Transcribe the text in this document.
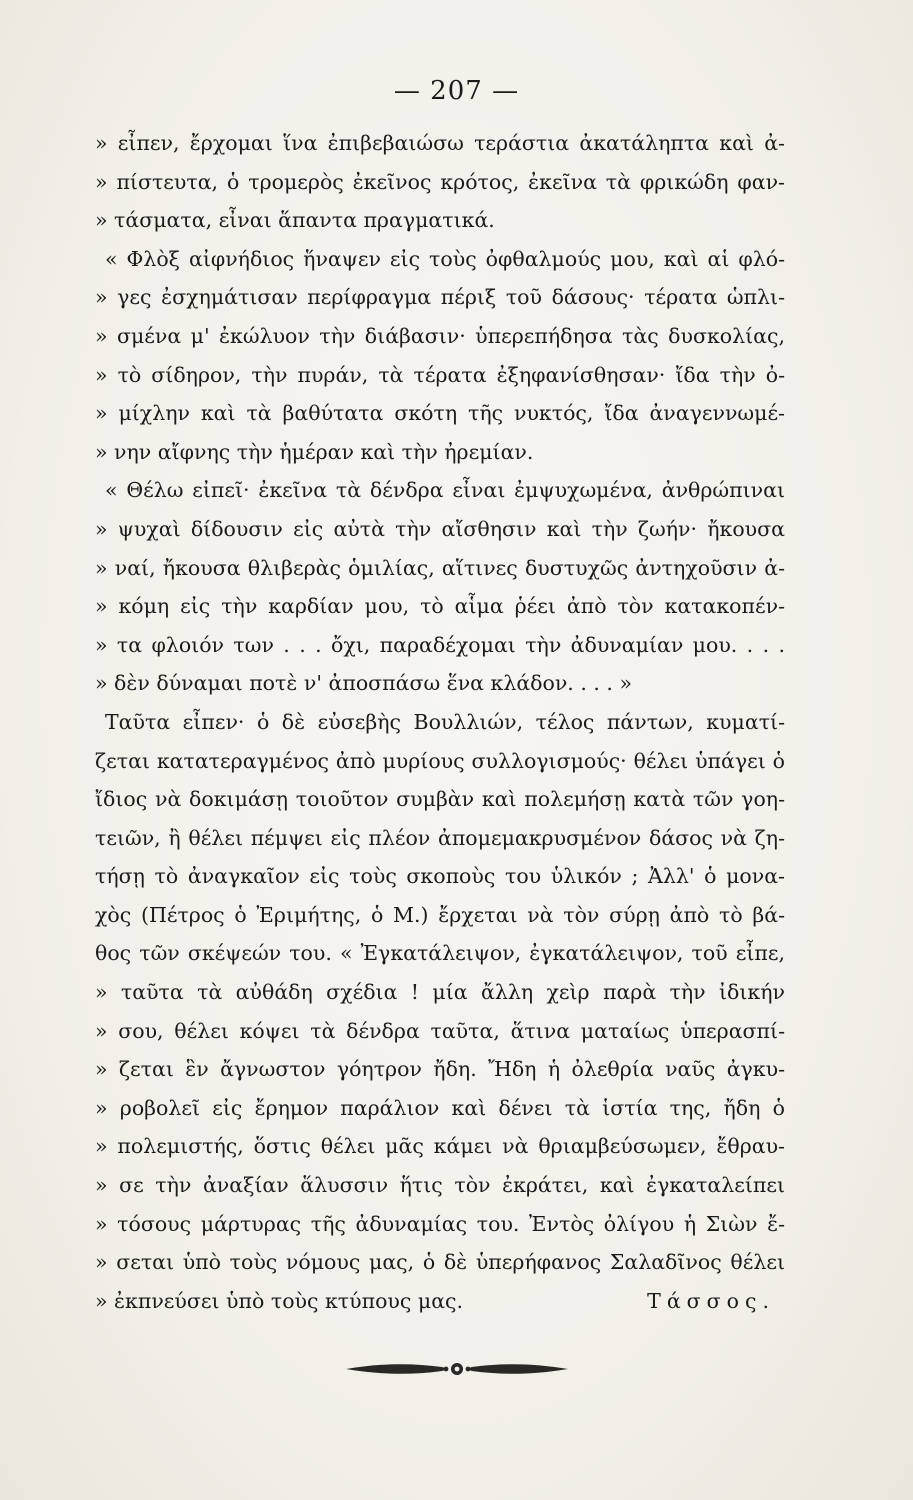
— 207 —
» εἶπεν, ἔρχομαι ἵνα ἐπιβεβαιώσω τεράστια ἀκατάληπτα καὶ ἀ-
» πίστευτα, ὁ τρομερὸς ἐκεῖνος κρότος, ἐκεῖνα τὰ φρικώδη φαν-
» τάσματα, εἶναι ἅπαντα πραγματικά.
« Φλὸξ αἰφνήδιος ἥναψεν εἰς τοὺς ὀφθαλμούς μου, καὶ αἱ φλό-
» γες ἐσχημάτισαν περίφραγμα πέριξ τοῦ δάσους· τέρατα ὡπλι-
» σμένα μ' ἐκώλυον τὴν διάβασιν· ὑπερεπήδησα τὰς δυσκολίας,
» τὸ σίδηρον, τὴν πυράν, τὰ τέρατα ἐξηφανίσθησαν· ἴδα τὴν ὀ-
» μίχλην καὶ τὰ βαθύτατα σκότη τῆς νυκτός, ἴδα ἀναγεννωμέ-
» νην αἴφνης τὴν ἡμέραν καὶ τὴν ἠρεμίαν.
« Θέλω εἰπεῖ· ἐκεῖνα τὰ δένδρα εἶναι ἐμψυχωμένα, ἀνθρώπιναι
» ψυχαὶ δίδουσιν εἰς αὐτὰ τὴν αἴσθησιν καὶ τὴν ζωήν· ἤκουσα
» ναί, ἤκουσα θλιβερὰς ὁμιλίας, αἵτινες δυστυχῶς ἀντηχοῦσιν ἀ-
» κόμη εἰς τὴν καρδίαν μου, τὸ αἷμα ῥέει ἀπὸ τὸν κατακοπέν-
» τα φλοιόν των . . . ὄχι, παραδέχομαι τὴν ἀδυναμίαν μου. . . .
» δὲν δύναμαι ποτὲ ν' ἀποσπάσω ἕνα κλάδον. . . . »
Ταῦτα εἶπεν· ὁ δὲ εὐσεβὴς Βουλλιών, τέλος πάντων, κυματί-
ζεται κατατεραγμένος ἀπὸ μυρίους συλλογισμούς· θέλει ὑπάγει ὁ
ἴδιος νὰ δοκιμάσῃ τοιοῦτον συμβὰν καὶ πολεμήσῃ κατὰ τῶν γοη-
τειῶν, ἢ θέλει πέμψει εἰς πλέον ἀπομεμακρυσμένον δάσος νὰ ζη-
τήσῃ τὸ ἀναγκαῖον εἰς τοὺς σκοποὺς του ὑλικόν ; Ἀλλ' ὁ μονα-
χὸς (Πέτρος ὁ Ἐριμήτης, ὁ Μ.) ἔρχεται νὰ τὸν σύρῃ ἀπὸ τὸ βά-
θος τῶν σκέψεών του. « Ἐγκατάλειψον, ἐγκατάλειψον, τοῦ εἶπε,
» ταῦτα τὰ αὐθάδη σχέδια ! μία ἄλλη χεὶρ παρὰ τὴν ἰδικήν
» σου, θέλει κόψει τὰ δένδρα ταῦτα, ἅτινα ματαίως ὑπερασπί-
» ζεται ἓν ἄγνωστον γόητρον ἤδη. Ἤδη ἡ ὀλεθρία ναῦς ἀγκυ-
» ροβολεῖ εἰς ἔρημον παράλιον καὶ δένει τὰ ἱστία της, ἤδη ὁ
» πολεμιστής, ὅστις θέλει μᾶς κάμει νὰ θριαμβεύσωμεν, ἔθραυ-
» σε τὴν ἀναξίαν ἅλυσσιν ἥτις τὸν ἐκράτει, καὶ ἐγκαταλείπει
» τόσους μάρτυρας τῆς ἀδυναμίας του. Ἐντὸς ὀλίγου ἡ Σιὼν ἔ-
» σεται ὑπὸ τοὺς νόμους μας, ὁ δὲ ὑπερήφανος Σαλαδῖνος θέλει
» ἐκπνεύσει ὑπὸ τοὺς κτύπους μας.	Τάσσος.
